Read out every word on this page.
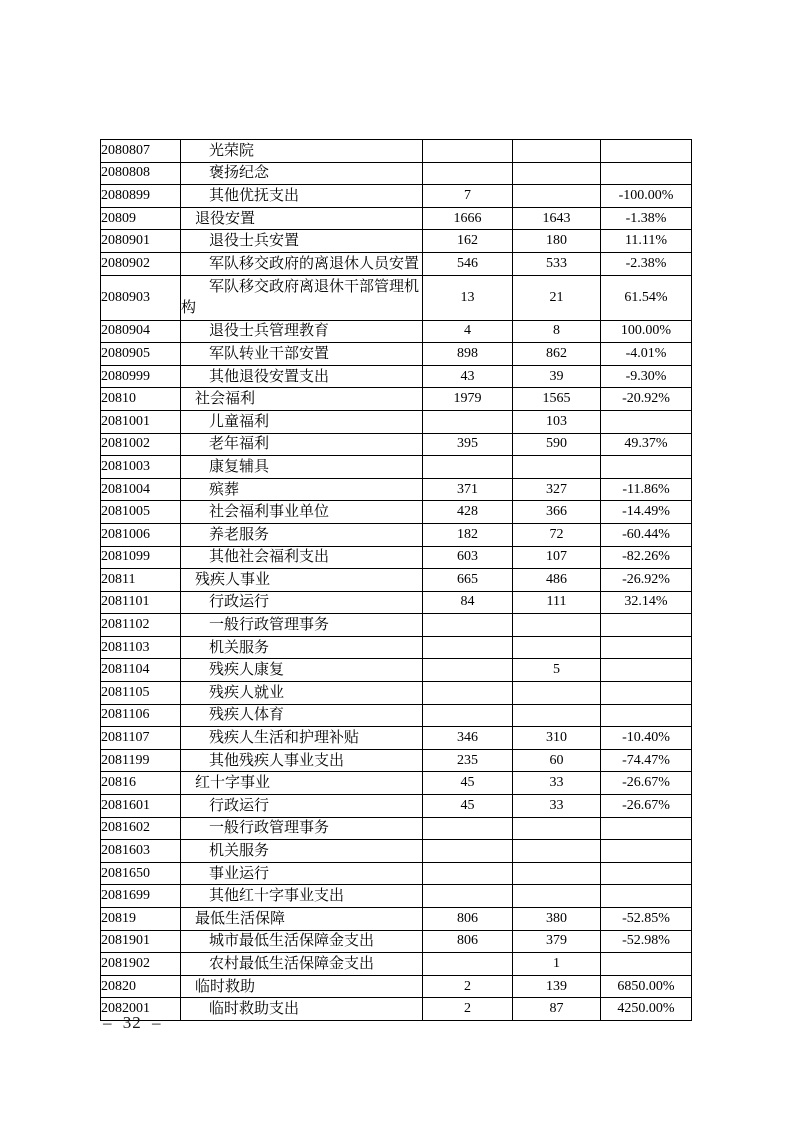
2080807	光荣院			
2080808	褒扬纪念			
2080899	其他优抚支出	7		-100.00%
20809	退役安置	1666	1643	-1.38%
2080901	退役士兵安置	162	180	11.11%
2080902	军队移交政府的离退休人员安置	546	533	-2.38%
2080903	军队移交政府离退休干部管理机
构	13	21	61.54%
2080904	退役士兵管理教育	4	8	100.00%
2080905	军队转业干部安置	898	862	-4.01%
2080999	其他退役安置支出	43	39	-9.30%
20810	社会福利	1979	1565	-20.92%
2081001	儿童福利		103	
2081002	老年福利	395	590	49.37%
2081003	康复辅具			
2081004	殡葬	371	327	-11.86%
2081005	社会福利事业单位	428	366	-14.49%
2081006	养老服务	182	72	-60.44%
2081099	其他社会福利支出	603	107	-82.26%
20811	残疾人事业	665	486	-26.92%
2081101	行政运行	84	111	32.14%
2081102	一般行政管理事务			
2081103	机关服务			
2081104	残疾人康复		5	
2081105	残疾人就业			
2081106	残疾人体育			
2081107	残疾人生活和护理补贴	346	310	-10.40%
2081199	其他残疾人事业支出	235	60	-74.47%
20816	红十字事业	45	33	-26.67%
2081601	行政运行	45	33	-26.67%
2081602	一般行政管理事务			
2081603	机关服务			
2081650	事业运行			
2081699	其他红十字事业支出			
20819	最低生活保障	806	380	-52.85%
2081901	城市最低生活保障金支出	806	379	-52.98%
2081902	农村最低生活保障金支出		1	
20820	临时救助	2	139	6850.00%
2082001	临时救助支出	2	87	4250.00%
– 32 –
